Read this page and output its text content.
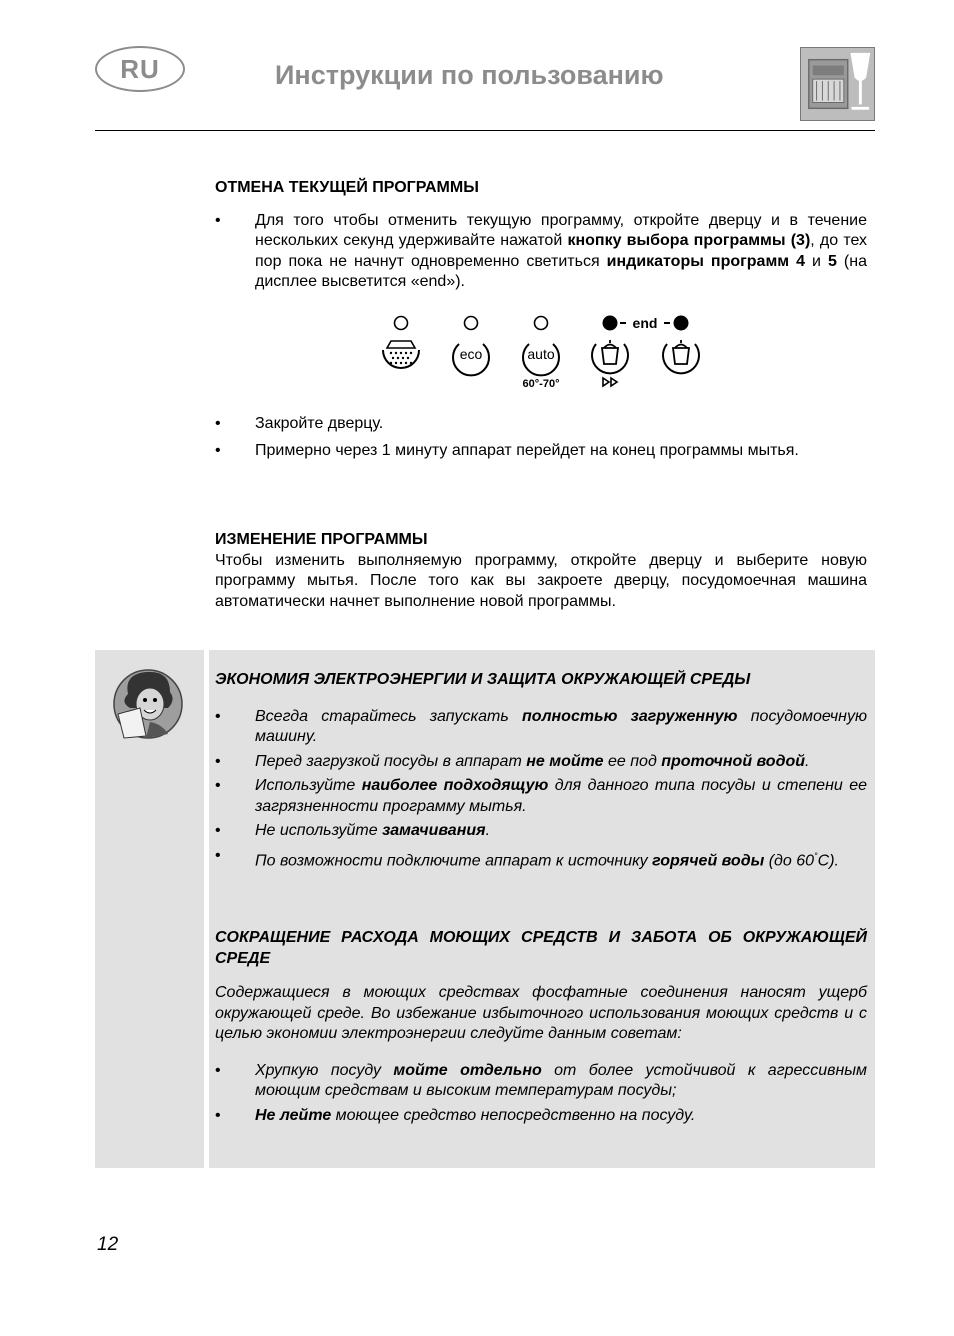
RU	Инструкции по пользованию
ОТМЕНА ТЕКУЩЕЙ ПРОГРАММЫ
• Для того чтобы отменить текущую программу, откройте дверцу и в течение нескольких секунд удерживайте нажатой кнопку выбора программы (3), до тех пор пока не начнут одновременно светиться индикаторы программ 4 и 5 (на дисплее высветится «end»).
end
eco	auto
60°-70°
• Закройте дверцу.
• Примерно через 1 минуту аппарат перейдет на конец программы мытья.
ИЗМЕНЕНИЕ ПРОГРАММЫ
Чтобы изменить выполняемую программу, откройте дверцу и выберите новую программу мытья. После того как вы закроете дверцу, посудомоечная машина автоматически начнет выполнение новой программы.
ЭКОНОМИЯ ЭЛЕКТРОЭНЕРГИИ И ЗАЩИТА ОКРУЖАЮЩЕЙ СРЕДЫ
• Всегда старайтесь запускать полностью загруженную посудомоечную машину.
• Перед загрузкой посуды в аппарат не мойте ее под проточной водой.
• Используйте наиболее подходящую для данного типа посуды и степени ее загрязненности программу мытья.
• Не используйте замачивания.
• По возможности подключите аппарат к источнику горячей воды (до 60°C).
СОКРАЩЕНИЕ РАСХОДА МОЮЩИХ СРЕДСТВ И ЗАБОТА ОБ ОКРУЖАЮЩЕЙ СРЕДЕ
Содержащиеся в моющих средствах фосфатные соединения наносят ущерб окружающей среде. Во избежание избыточного использования моющих средств и с целью экономии электроэнергии следуйте данным советам:
• Хрупкую посуду мойте отдельно от более устойчивой к агрессивным моющим средствам и высоким температурам посуды;
• Не лейте моющее средство непосредственно на посуду.
12
